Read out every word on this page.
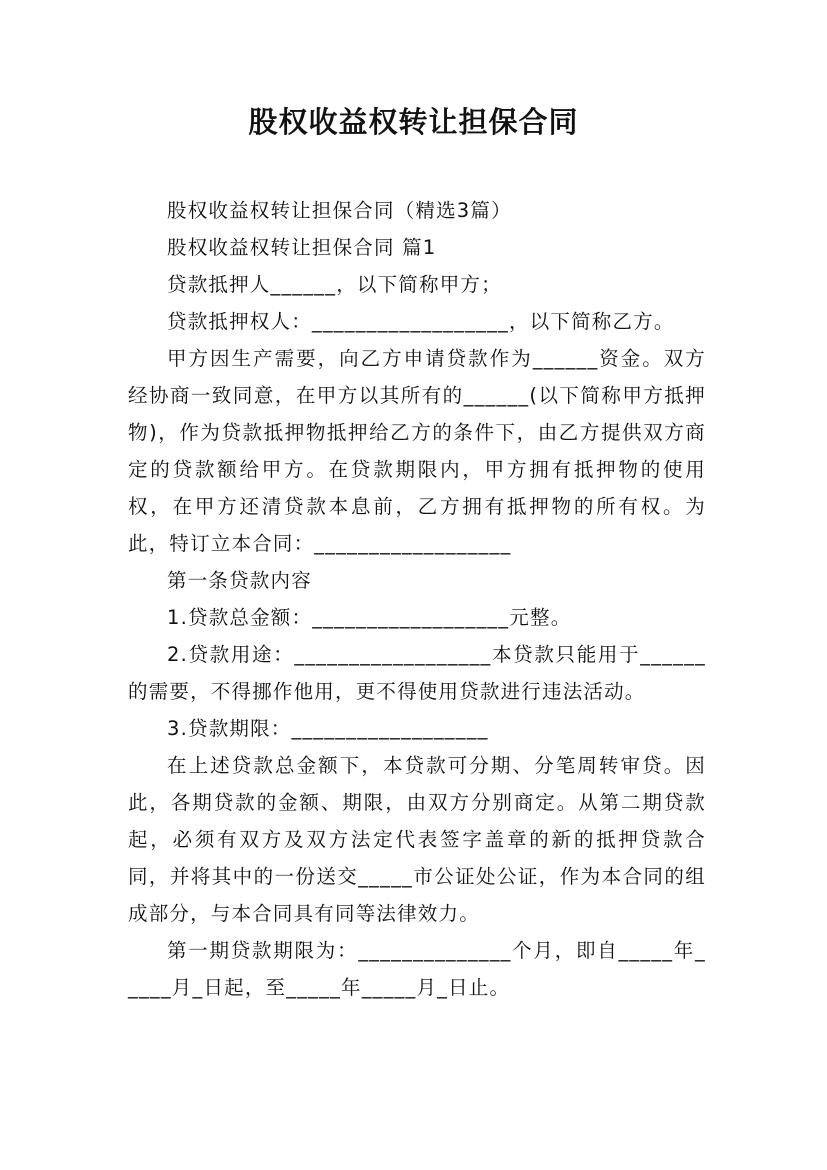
股权收益权转让担保合同

股权收益权转让担保合同（精选3篇）

股权收益权转让担保合同 篇1

贷款抵押人______，以下简称甲方；

贷款抵押权人：__________________，以下简称乙方。

甲方因生产需要，向乙方申请贷款作为______资金。双方经协商一致同意，在甲方以其所有的______(以下简称甲方抵押物)，作为贷款抵押物抵押给乙方的条件下，由乙方提供双方商定的贷款额给甲方。在贷款期限内，甲方拥有抵押物的使用权，在甲方还清贷款本息前，乙方拥有抵押物的所有权。为此，特订立本合同：__________________

第一条贷款内容

1.贷款总金额：__________________元整。

2.贷款用途：__________________本贷款只能用于______的需要，不得挪作他用，更不得使用贷款进行违法活动。

3.贷款期限：__________________

在上述贷款总金额下，本贷款可分期、分笔周转审贷。因此，各期贷款的金额、期限，由双方分别商定。从第二期贷款起，必须有双方及双方法定代表签字盖章的新的抵押贷款合同，并将其中的一份送交_____市公证处公证，作为本合同的组成部分，与本合同具有同等法律效力。

第一期贷款期限为：______________个月，即自_____年_____月_日起，至_____年_____月_日止。
